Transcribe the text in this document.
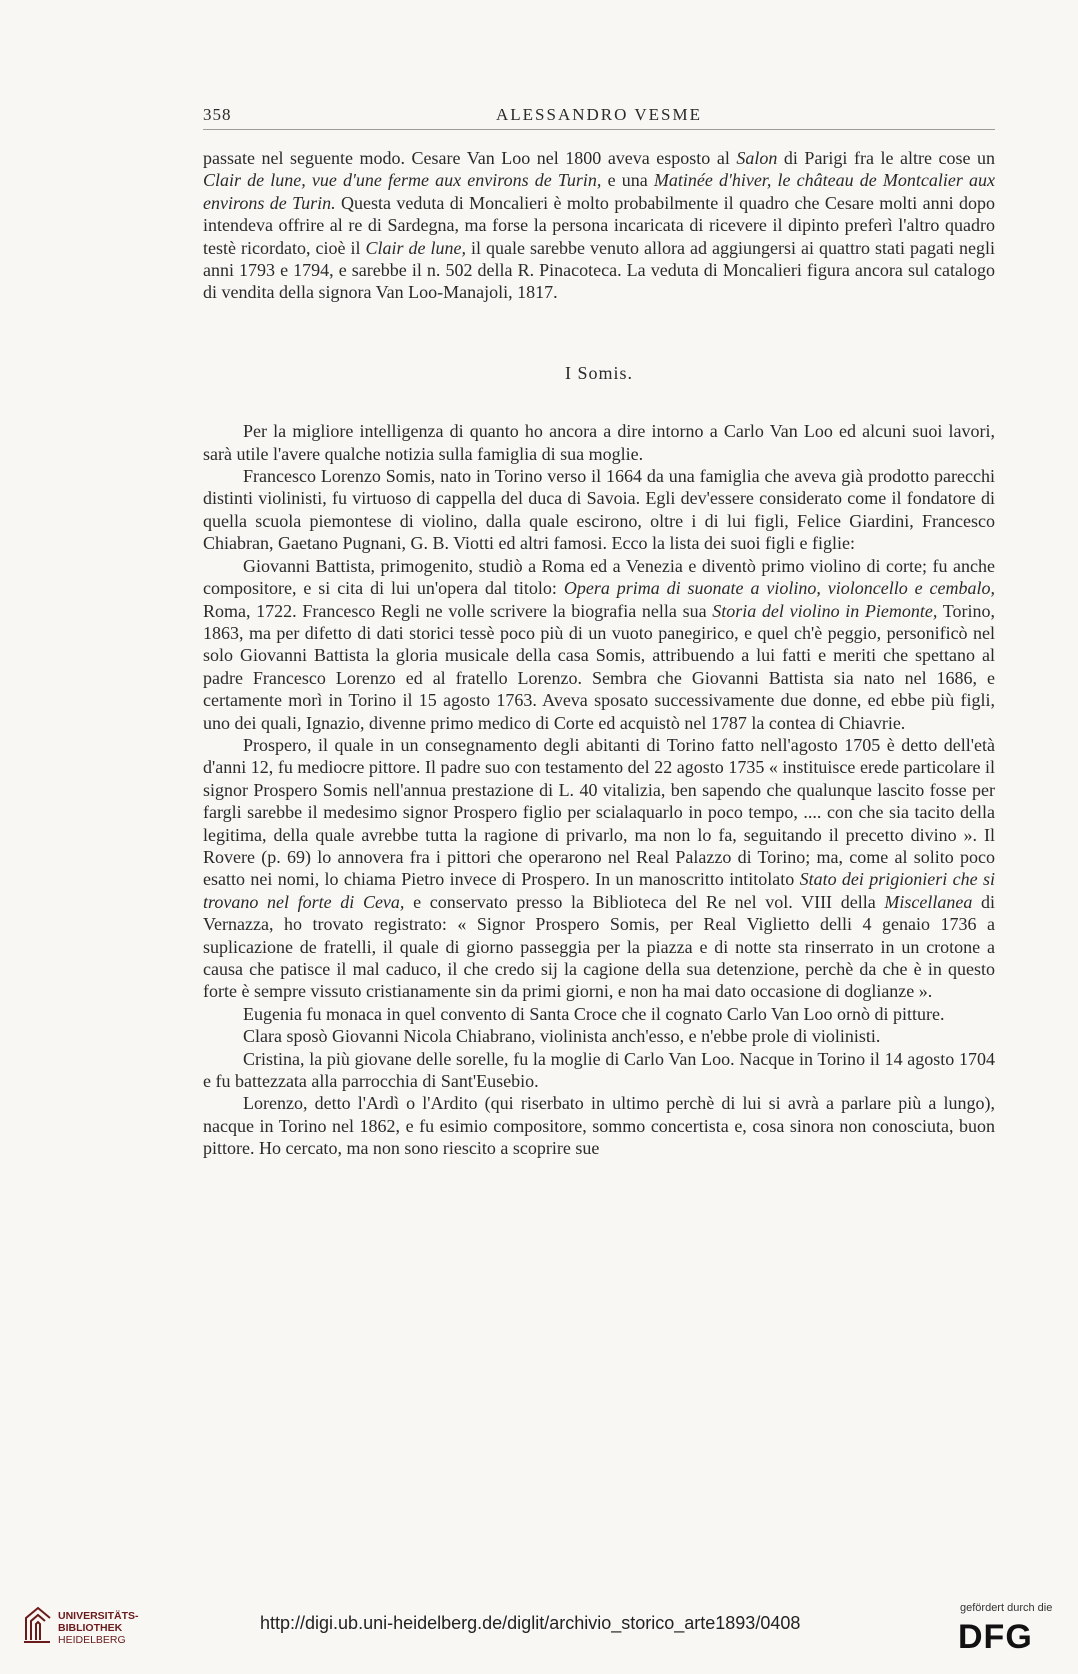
358	ALESSANDRO VESME

passate nel seguente modo. Cesare Van Loo nel 1800 aveva esposto al Salon di Parigi fra le altre cose un Clair de lune, vue d'une ferme aux environs de Turin, e una Matinée d'hiver, le château de Montcalier aux environs de Turin. Questa veduta di Moncalieri è molto probabilmente il quadro che Cesare molti anni dopo intendeva offrire al re di Sardegna, ma forse la persona incaricata di ricevere il dipinto preferì l'altro quadro testè ricordato, cioè il Clair de lune, il quale sarebbe venuto allora ad aggiungersi ai quattro stati pagati negli anni 1793 e 1794, e sarebbe il n. 502 della R. Pinacoteca. La veduta di Moncalieri figura ancora sul catalogo di vendita della signora Van Loo-Manajoli, 1817.

I Somis.

Per la migliore intelligenza di quanto ho ancora a dire intorno a Carlo Van Loo ed alcuni suoi lavori, sarà utile l'avere qualche notizia sulla famiglia di sua moglie.

Francesco Lorenzo Somis, nato in Torino verso il 1664 da una famiglia che aveva già prodotto parecchi distinti violinisti, fu virtuoso di cappella del duca di Savoia. Egli dev'essere considerato come il fondatore di quella scuola piemontese di violino, dalla quale escirono, oltre i di lui figli, Felice Giardini, Francesco Chiabran, Gaetano Pugnani, G. B. Viotti ed altri famosi. Ecco la lista dei suoi figli e figlie:

Giovanni Battista, primogenito, studiò a Roma ed a Venezia e diventò primo violino di corte; fu anche compositore, e si cita di lui un'opera dal titolo: Opera prima di suonate a violino, violoncello e cembalo, Roma, 1722. Francesco Regli ne volle scrivere la biografia nella sua Storia del violino in Piemonte, Torino, 1863, ma per difetto di dati storici tessè poco più di un vuoto panegirico, e quel ch'è peggio, personificò nel solo Giovanni Battista la gloria musicale della casa Somis, attribuendo a lui fatti e meriti che spettano al padre Francesco Lorenzo ed al fratello Lorenzo. Sembra che Giovanni Battista sia nato nel 1686, e certamente morì in Torino il 15 agosto 1763. Aveva sposato successivamente due donne, ed ebbe più figli, uno dei quali, Ignazio, divenne primo medico di Corte ed acquistò nel 1787 la contea di Chiavrie.

Prospero, il quale in un consegnamento degli abitanti di Torino fatto nell'agosto 1705 è detto dell'età d'anni 12, fu mediocre pittore. Il padre suo con testamento del 22 agosto 1735 « instituisce erede particolare il signor Prospero Somis nell'annua prestazione di L. 40 vitalizia, ben sapendo che qualunque lascito fosse per fargli sarebbe il medesimo signor Prospero figlio per scialaquarlo in poco tempo, .... con che sia tacito della legitima, della quale avrebbe tutta la ragione di privarlo, ma non lo fa, seguitando il precetto divino ». Il Rovere (p. 69) lo annovera fra i pittori che operarono nel Real Palazzo di Torino; ma, come al solito poco esatto nei nomi, lo chiama Pietro invece di Prospero. In un manoscritto intitolato Stato dei prigionieri che si trovano nel forte di Ceva, e conservato presso la Biblioteca del Re nel vol. VIII della Miscellanea di Vernazza, ho trovato registrato: « Signor Prospero Somis, per Real Viglietto delli 4 genaio 1736 a suplicazione de fratelli, il quale di giorno passeggia per la piazza e di notte sta rinserrato in un crotone a causa che patisce il mal caduco, il che credo sij la cagione della sua detenzione, perchè da che è in questo forte è sempre vissuto cristianamente sin da primi giorni, e non ha mai dato occasione di doglianze ».

Eugenia fu monaca in quel convento di Santa Croce che il cognato Carlo Van Loo ornò di pitture.

Clara sposò Giovanni Nicola Chiabrano, violinista anch'esso, e n'ebbe prole di violinisti.

Cristina, la più giovane delle sorelle, fu la moglie di Carlo Van Loo. Nacque in Torino il 14 agosto 1704 e fu battezzata alla parrocchia di Sant'Eusebio.

Lorenzo, detto l'Ardì o l'Ardito (qui riserbato in ultimo perchè di lui si avrà a parlare più a lungo), nacque in Torino nel 1862, e fu esimio compositore, sommo concertista e, cosa sinora non conosciuta, buon pittore. Ho cercato, ma non sono riescito a scoprire sue

UNIVERSITÄTS-
BIBLIOTHEK
HEIDELBERG
http://digi.ub.uni-heidelberg.de/diglit/archivio_storico_arte1893/0408
gefördert durch die
DFG
